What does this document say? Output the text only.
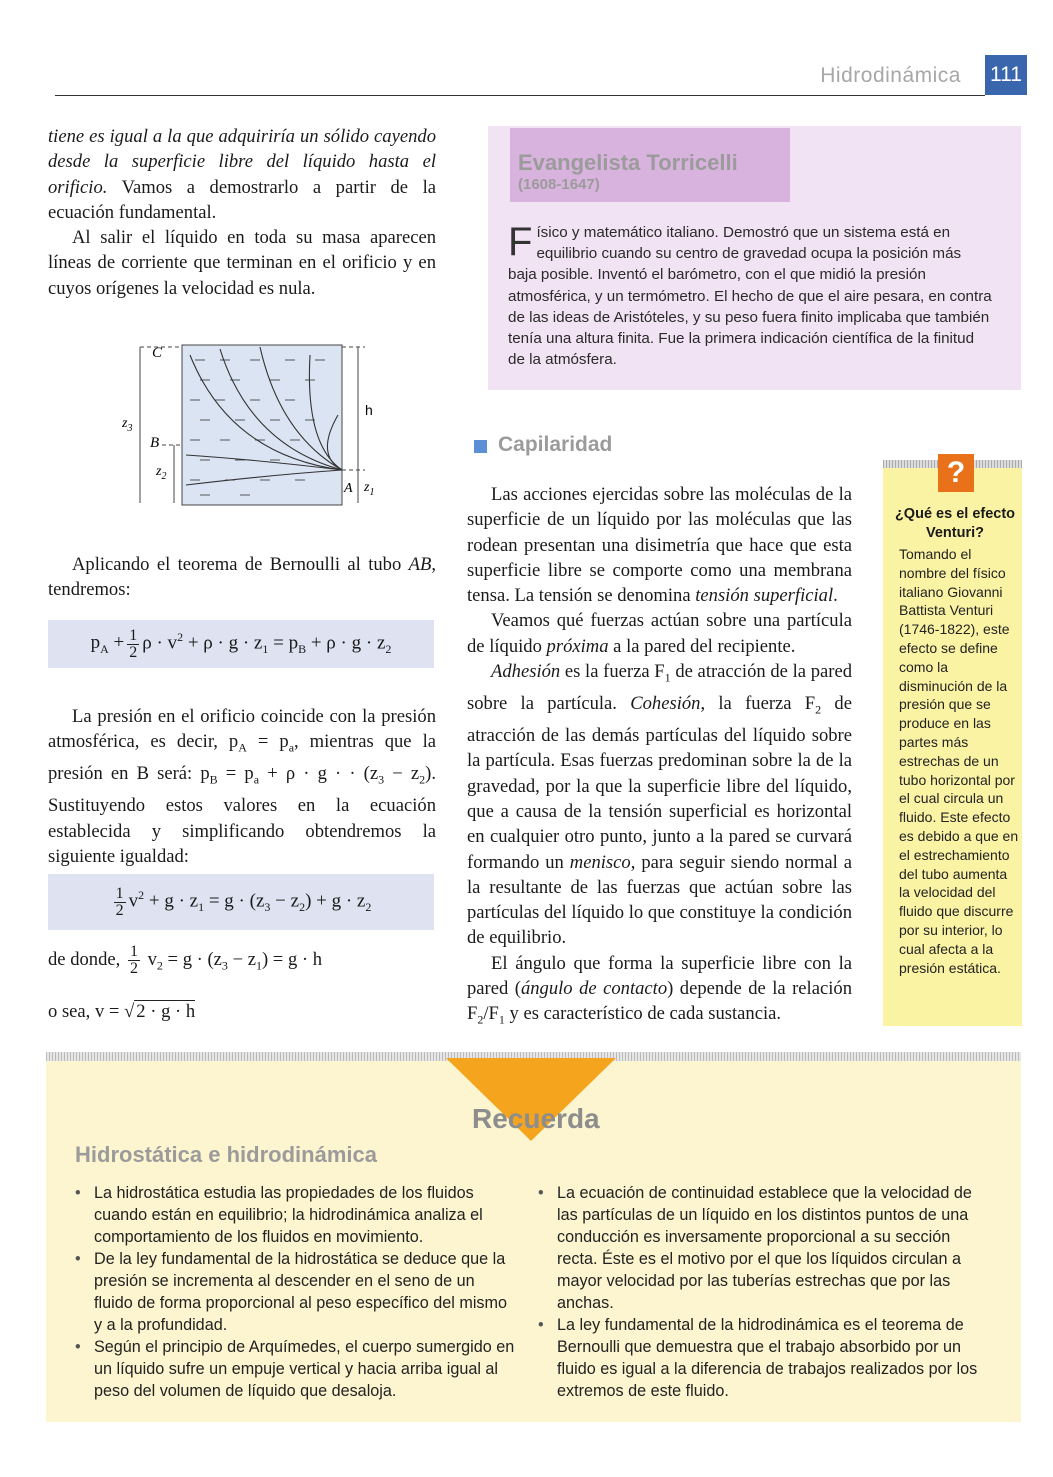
Hidrodinámica 111

tiene es igual a la que adquiriría un sólido cayendo desde la superficie libre del líquido hasta el orificio. Vamos a demostrarlo a partir de la ecuación fundamental.

Al salir el líquido en toda su masa aparecen líneas de corriente que terminan en el orificio y en cuyos orígenes la velocidad es nula.

C
B
A
h
$z_3$
$z_2$
$z_1$

Aplicando el teorema de Bernoulli al tubo AB, tendremos:

$p_A + \frac{1}{2}$ $\rho \cdot v^2 + \rho \cdot g \cdot z_1 = p_B + \rho \cdot g \cdot z_2$

La presión en el orificio coincide con la presión atmosférica, es decir, $p_A = p_a$, mientras que la presión en B será: $p_B = p_a + \rho \cdot g$ · · $(z_3 - z_2)$. Sustituyendo estos valores en la ecuación establecida y simplificando obtendremos la siguiente igualdad:

$\frac{1}{2} v^2 + g \cdot z_1 = g \cdot (z_3 - z_2) + g \cdot z_2$
de donde, $\frac{1}{2} v_2 = g \cdot (z_3 - z_1) = g \cdot h$
o sea, v = √ 2 · g · h
Evangelista Torricelli
(1608-1647)
Físico y matemático italiano. Demostró que un sistema está en equilibrio cuando su centro de gravedad ocupa la posición más baja posible. Inventó el barómetro, con el que midió la presión atmosférica, y un termómetro. El hecho de que el aire pesara, en contra de las ideas de Aristóteles, y su peso fuera finito implicaba que también tenía una altura finita. Fue la primera indicación científica de la finitud de la atmósfera.
Capilaridad

Las acciones ejercidas sobre las moléculas de la superficie de un líquido por las moléculas que las rodean presentan una disimetría que hace que esta superficie libre se comporte como una membrana tensa. La tensión se denomina tensión superficial.

Veamos qué fuerzas actúan sobre una partícula de líquido próxima a la pared del recipiente.

Adhesión es la fuerza $F_1$ de atracción de la pared sobre la partícula. Cohesión, la fuerza $F_2$ de atracción de las demás partículas del líquido sobre la partícula. Esas fuerzas predominan sobre la de la gravedad, por la que la superficie libre del líquido, que a causa de la tensión superficial es horizontal en cualquier otro punto, junto a la pared se curvará formando un menisco, para seguir siendo normal a la resultante de las fuerzas que actúan sobre las partículas del líquido lo que constituye la condición de equilibrio.

El ángulo que forma la superficie libre con la pared (ángulo de contacto) depende de la relación $F_2/F_1$ y es característico de cada sustancia.

?
¿Qué es el efecto Venturi?
Tomando el nombre del físico italiano Giovanni Battista Venturi (1746-1822), este efecto se define como la disminución de la presión que se produce en las partes más estrechas de un tubo horizontal por el cual circula un fluido. Este efecto es debido a que en el estrechamiento del tubo aumenta la velocidad del fluido que discurre por su interior, lo cual afecta a la presión estática.
Recuerda
Hidrostática e hidrodinámica
• La hidrostática estudia las propiedades de los fluidos cuando están en equilibrio; la hidrodinámica analiza el comportamiento de los fluidos en movimiento.
• De la ley fundamental de la hidrostática se deduce que la presión se incrementa al descender en el seno de un fluido de forma proporcional al peso específico del mismo y a la profundidad.
• Según el principio de Arquímedes, el cuerpo sumergido en un líquido sufre un empuje vertical y hacia arriba igual al peso del volumen de líquido que desaloja.
• La ecuación de continuidad establece que la velocidad de las partículas de un líquido en los distintos puntos de una conducción es inversamente proporcional a su sección recta. Éste es el motivo por el que los líquidos circulan a mayor velocidad por las tuberías estrechas que por las anchas.
• La ley fundamental de la hidrodinámica es el teorema de Bernoulli que demuestra que el trabajo absorbido por un fluido es igual a la diferencia de trabajos realizados por los extremos de este fluido.
